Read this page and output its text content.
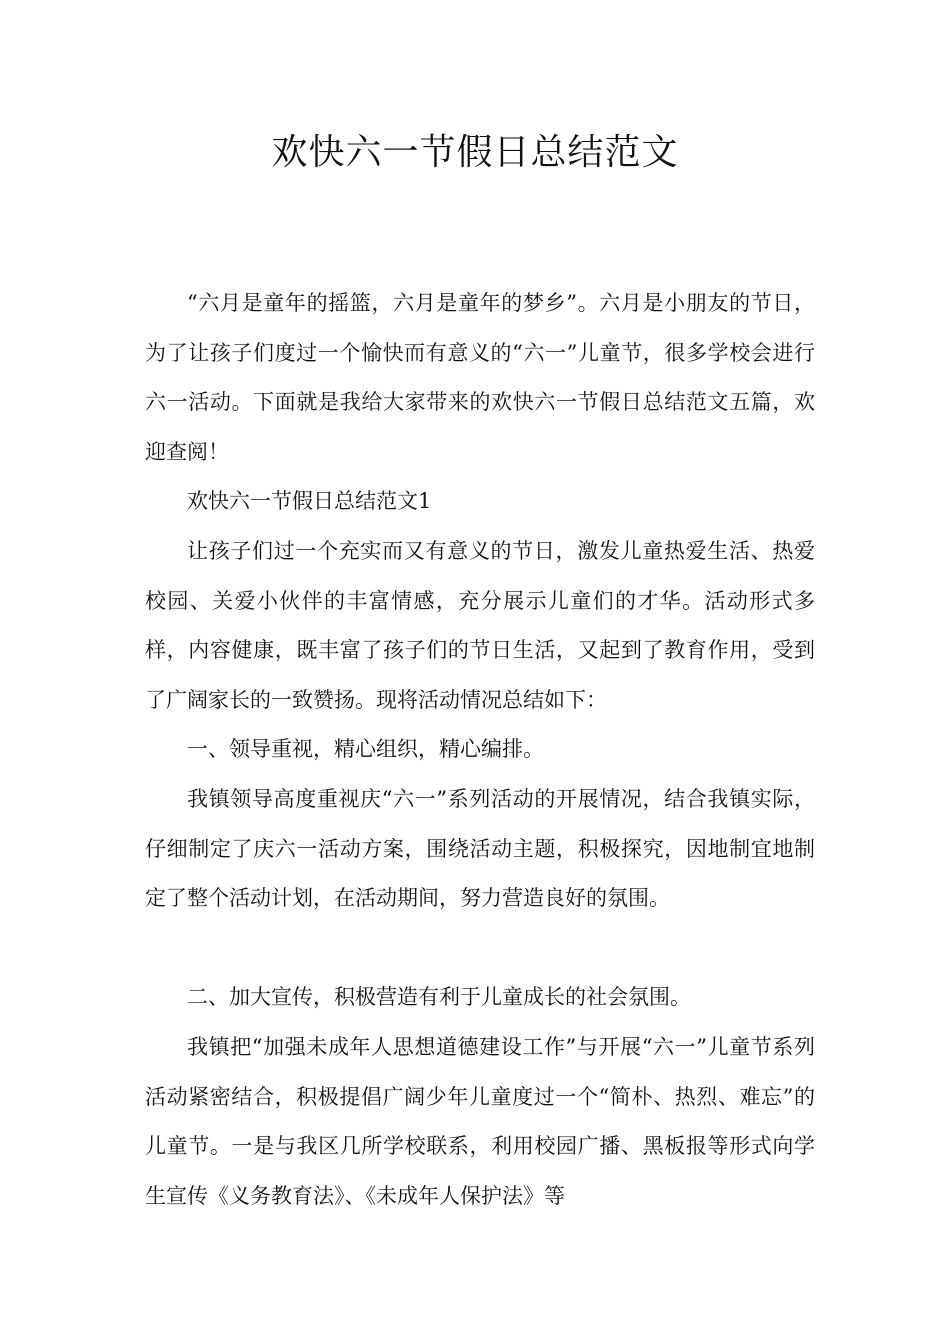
欢快六一节假日总结范文

“六月是童年的摇篮，六月是童年的梦乡”。六月是小朋友的节日，为了让孩子们度过一个愉快而有意义的“六一”儿童节，很多学校会进行六一活动。下面就是我给大家带来的欢快六一节假日总结范文五篇，欢迎查阅！

欢快六一节假日总结范文1

让孩子们过一个充实而又有意义的节日，激发儿童热爱生活、热爱校园、关爱小伙伴的丰富情感，充分展示儿童们的才华。活动形式多样，内容健康，既丰富了孩子们的节日生活，又起到了教育作用，受到了广阔家长的一致赞扬。现将活动情况总结如下：

一、领导重视，精心组织，精心编排。

我镇领导高度重视庆“六一”系列活动的开展情况，结合我镇实际，仔细制定了庆六一活动方案，围绕活动主题，积极探究，因地制宜地制定了整个活动计划，在活动期间，努力营造良好的氛围。

二、加大宣传，积极营造有利于儿童成长的社会氛围。

我镇把“加强未成年人思想道德建设工作”与开展“六一”儿童节系列活动紧密结合，积极提倡广阔少年儿童度过一个“简朴、热烈、难忘”的儿童节。一是与我区几所学校联系，利用校园广播、黑板报等形式向学生宣传《义务教育法》、《未成年人保护法》等
